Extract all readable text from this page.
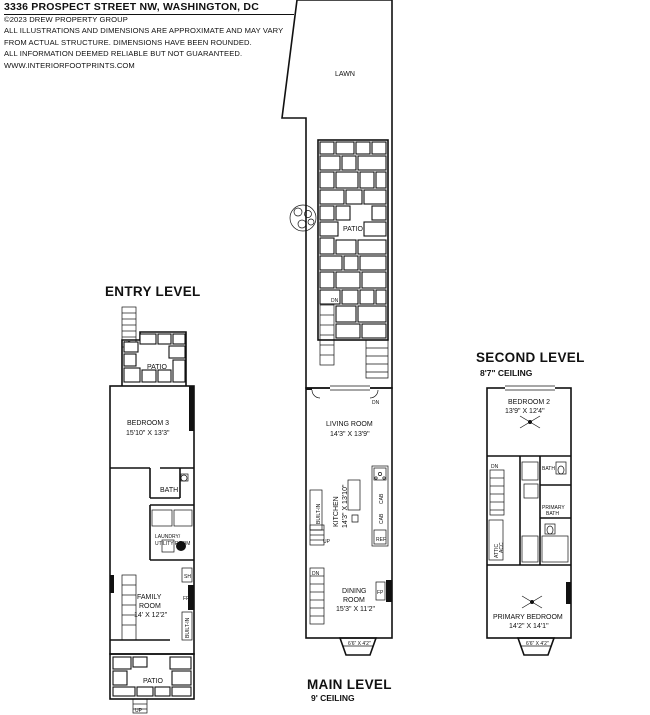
3336 PROSPECT STREET NW, WASHINGTON, DC
©2023 DREW PROPERTY GROUP
ALL ILLUSTRATIONS AND DIMENSIONS ARE APPROXIMATE AND MAY VARY
FROM ACTUAL STRUCTURE. DIMENSIONS HAVE BEEN ROUNDED.
ALL INFORMATION DEEMED RELIABLE BUT NOT GUARANTEED.
WWW.INTERIORFOOTPRINTS.COM
ENTRY LEVEL
PATIO
BEDROOM 3
15'10" X 13'3"
BATH
LAUNDRY/
UTILITY ROOM
FAMILY
ROOM
14' X 12'2"
SH
FP
BUILT-IN
PATIO
UP
LAWN
PATIO
DN
DN
UP
DN
LIVING ROOM
14'3" X 13'9"
KITCHEN 14'3" X 13'10"
BUILT-IN
CAB
CAB
REF
DINING
ROOM
15'3" X 11'2"
FP
6'6" X 4'2"
MAIN LEVEL
9' CEILING
SECOND LEVEL
8'7" CEILING
DN
BEDROOM 2
13'9" X 12'4"
BATH
PRIMARY
BATH
ATTIC ACC
PRIMARY BEDROOM
14'2" X 14'1"
6'6" X 4'2"
